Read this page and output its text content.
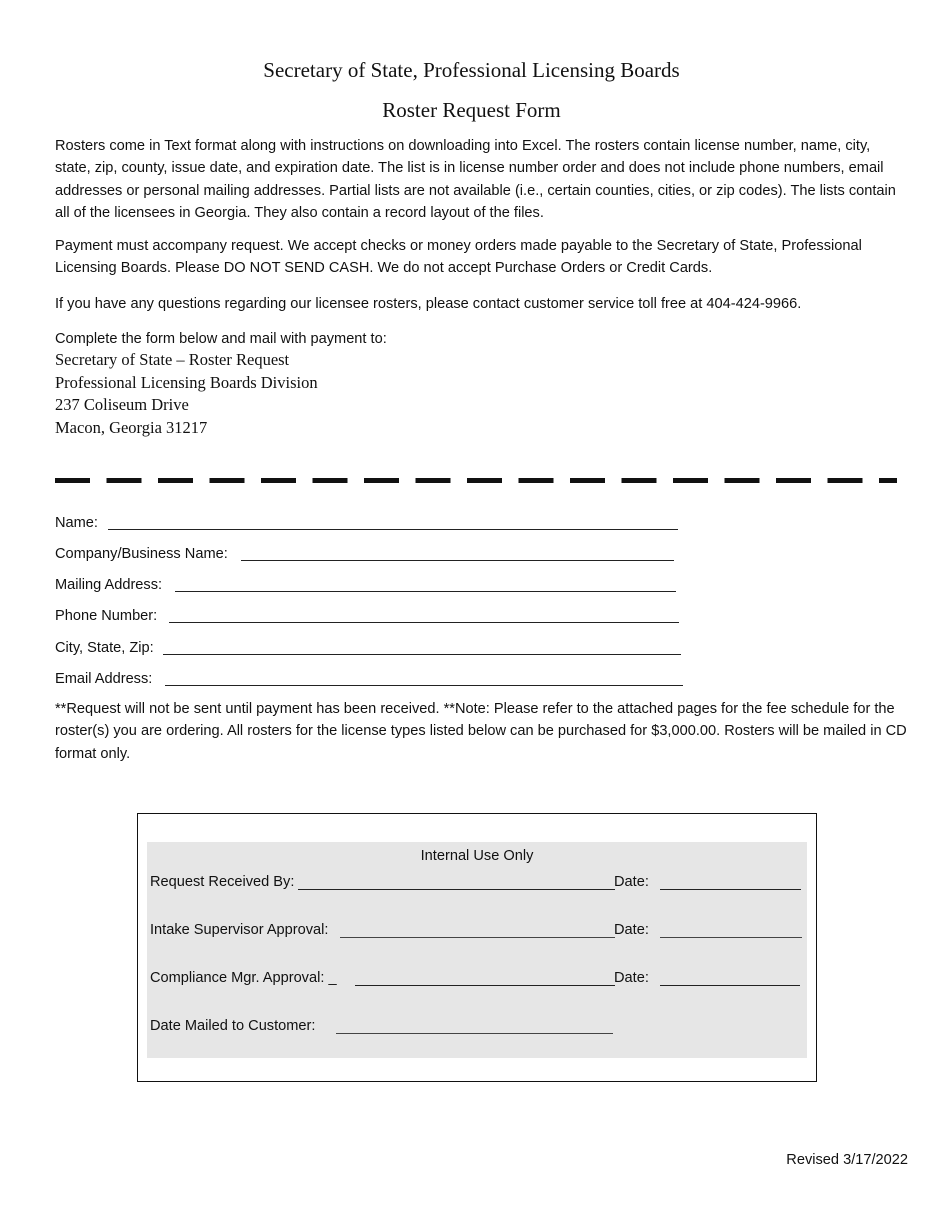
Secretary of State, Professional Licensing Boards
Roster Request Form
Rosters come in Text format along with instructions on downloading into Excel. The rosters contain license number, name, city, state, zip, county, issue date, and expiration date. The list is in license number order and does not include phone numbers, email addresses or personal mailing addresses. Partial lists are not available (i.e., certain counties, cities, or zip codes). The lists contain all of the licensees in Georgia. They also contain a record layout of the files.
Payment must accompany request. We accept checks or money orders made payable to the Secretary of State, Professional Licensing Boards. Please DO NOT SEND CASH. We do not accept Purchase Orders or Credit Cards.
If you have any questions regarding our licensee rosters, please contact customer service toll free at 404-424-9966.
Complete the form below and mail with payment to:
Secretary of State – Roster Request
Professional Licensing Boards Division
237 Coliseum Drive
Macon, Georgia 31217
Name:
Company/Business Name:
Mailing Address:
Phone Number:
City, State, Zip:
Email Address:
**Request will not be sent until payment has been received. **Note: Please refer to the attached pages for the fee schedule for the roster(s) you are ordering. All rosters for the license types listed below can be purchased for $3,000.00. Rosters will be mailed in CD format only.
Internal Use Only
Request Received By:	Date:
Intake Supervisor Approval:	Date:
Compliance Mgr. Approval: _	Date:
Date Mailed to Customer:
Revised 3/17/2022
